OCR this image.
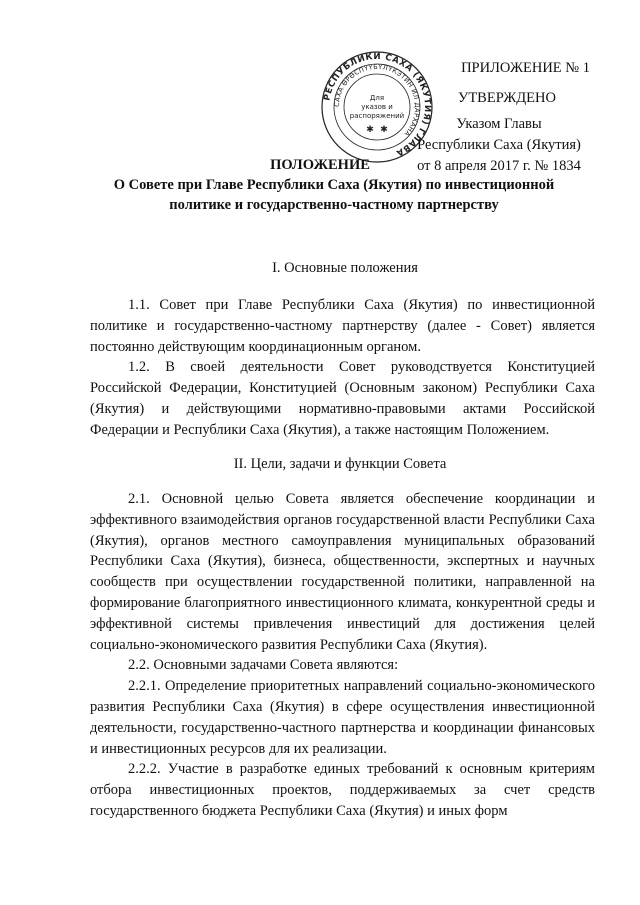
РЕСПУБЛИКИ САХА (ЯКУТИЯ) ГЛАВА
САХА ӨРӨСПҮҮБҮЛҮКЭТИН ИЛ ДАРХАНА
Для
указов и
распоряжений
✱ ✱
ПРИЛОЖЕНИЕ № 1
УТВЕРЖДЕНО
Указом Главы
Республики Саха (Якутия)
от 8 апреля 2017 г. № 1834
ПОЛОЖЕНИЕ
О Совете при Главе Республики Саха (Якутия) по инвестиционной политике и государственно-частному партнерству
I. Основные положения

1.1. Совет при Главе Республики Саха (Якутия) по инвестиционной политике и государственно-частному партнерству (далее - Совет) является постоянно действующим координационным органом.

1.2. В своей деятельности Совет руководствуется Конституцией Российской Федерации, Конституцией (Основным законом) Республики Саха (Якутия) и действующими нормативно-правовыми актами Российской Федерации и Республики Саха (Якутия), а также настоящим Положением.

II. Цели, задачи и функции Совета

2.1. Основной целью Совета является обеспечение координации и эффективного взаимодействия органов государственной власти Республики Саха (Якутия), органов местного самоуправления муниципальных образований Республики Саха (Якутия), бизнеса, общественности, экспертных и научных сообществ при осуществлении государственной политики, направленной на формирование благоприятного инвестиционного климата, конкурентной среды и эффективной системы привлечения инвестиций для достижения целей социально-экономического развития Республики Саха (Якутия).

2.2. Основными задачами Совета являются:

2.2.1. Определение приоритетных направлений социально-экономического развития Республики Саха (Якутия) в сфере осуществления инвестиционной деятельности, государственно-частного партнерства и координации финансовых и инвестиционных ресурсов для их реализации.

2.2.2. Участие в разработке единых требований к основным критериям отбора инвестиционных проектов, поддерживаемых за счет средств государственного бюджета Республики Саха (Якутия) и иных форм
